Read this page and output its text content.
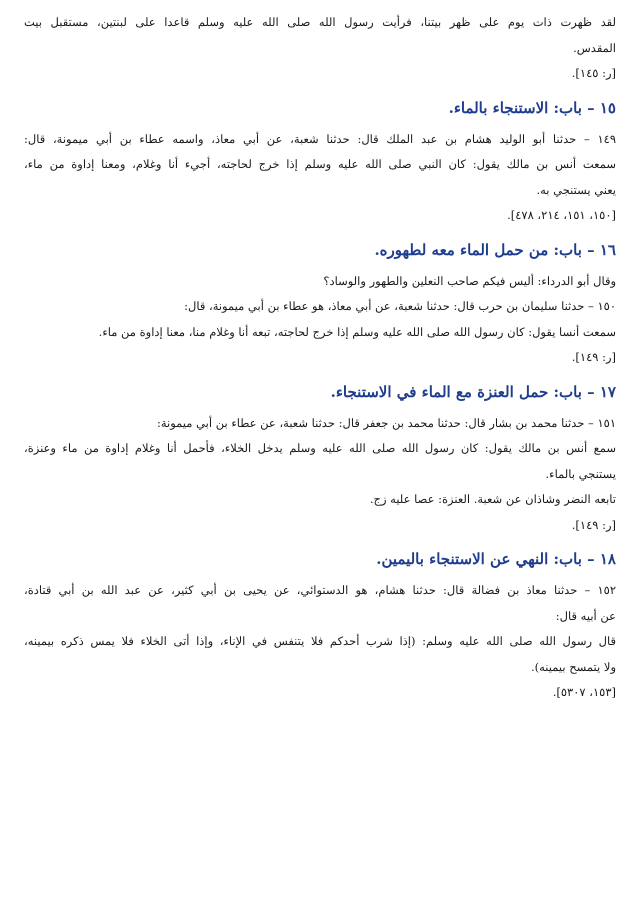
لقد ظهرت ذات يوم على ظهر بيتنا، فرأيت رسول الله صلى الله عليه وسلم قاعدا على لبنتين، مستقبل بيت
المقدس.
[ر: ١٤٥].
١٥ – باب: الاستنجاء بالماء.
١٤٩ – حدثنا أبو الوليد هشام بن عبد الملك قال: حدثنا شعبة، عن أبي معاذ، واسمه عطاء بن أبي ميمونة، قال:
سمعت أنس بن مالك يقول: كان النبي صلى الله عليه وسلم إذا خرج لحاجته، أجيء أنا وغلام، ومعنا إداوة من ماء،
يعني يستنجي به.
[١٥٠، ١٥١، ٢١٤، ٤٧٨].
١٦ – باب: من حمل الماء معه لطهوره.
وقال أبو الدرداء: أليس فيكم صاحب النعلين والطهور والوساد؟
١٥٠ – حدثنا سليمان بن حرب قال: حدثنا شعبة، عن أبي معاذ، هو عطاء بن أبي ميمونة، قال:
سمعت أنسا يقول: كان رسول الله صلى الله عليه وسلم إذا خرج لحاجته، تبعه أنا وغلام منا، معنا إداوة من ماء.
[ر: ١٤٩].
١٧ – باب: حمل العنزة مع الماء في الاستنجاء.
١٥١ – حدثنا محمد بن بشار قال: حدثنا محمد بن جعفر قال: حدثنا شعبة، عن عطاء بن أبي ميمونة:
سمع أنس بن مالك يقول: كان رسول الله صلى الله عليه وسلم يدخل الخلاء، فأحمل أنا وغلام إداوة من ماء وعنزة،
يستنجي بالماء.
تابعه النضر وشاذان عن شعبة. العنزة: عصا عليه زج.
[ر: ١٤٩].
١٨ – باب: النهي عن الاستنجاء باليمين.
١٥٢ – حدثنا معاذ بن فضالة قال: حدثنا هشام، هو الدستوائي، عن يحيى بن أبي كثير، عن عبد الله بن أبي قتادة،
عن أبيه قال:
قال رسول الله صلى الله عليه وسلم: (إذا شرب أحدكم فلا يتنفس في الإناء، وإذا أتى الخلاء فلا يمس ذكره بيمينه،
ولا يتمسح بيمينه).
[١٥٣، ٥٣٠٧].
